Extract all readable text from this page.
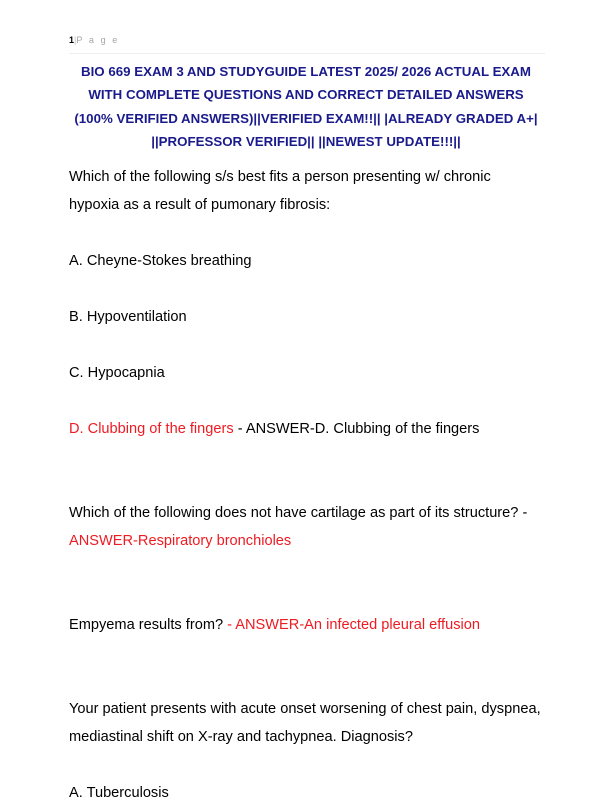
1|P a g e

BIO 669 EXAM 3 AND STUDYGUIDE LATEST 2025/ 2026 ACTUAL EXAM WITH COMPLETE QUESTIONS AND CORRECT DETAILED ANSWERS (100% VERIFIED ANSWERS)||VERIFIED EXAM!!|| |ALREADY GRADED A+| ||PROFESSOR VERIFIED|| ||NEWEST UPDATE!!!||

Which of the following s/s best fits a person presenting w/ chronic hypoxia as a result of pumonary fibrosis:

A. Cheyne-Stokes breathing

B. Hypoventilation

C. Hypocapnia

D. Clubbing of the fingers - ANSWER-D. Clubbing of the fingers

Which of the following does not have cartilage as part of its structure? - ANSWER-Respiratory bronchioles

Empyema results from? - ANSWER-An infected pleural effusion

Your patient presents with acute onset worsening of chest pain, dyspnea, mediastinal shift on X-ray and tachypnea. Diagnosis?

A. Tuberculosis
